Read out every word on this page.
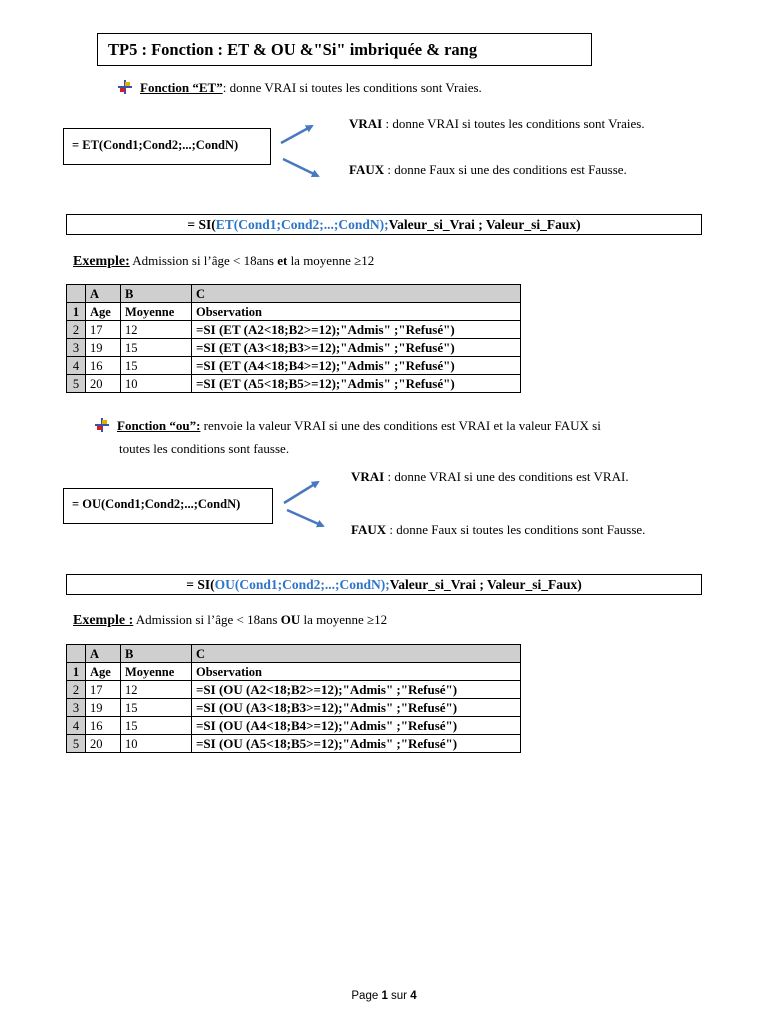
TP5 : Fonction : ET & OU &"Si" imbriquée & rang
Fonction “ET”: donne VRAI si toutes les conditions sont Vraies.
= ET(Cond1;Cond2;...;CondN)
VRAI : donne VRAI si toutes les conditions sont Vraies.
FAUX : donne Faux si une des conditions est Fausse.
= SI(ET(Cond1;Cond2;...;CondN);Valeur_si_Vrai ; Valeur_si_Faux)
Exemple: Admission si l’âge < 18ans et la moyenne ≥12
	A	B	C
1	Age	Moyenne	Observation
2	17	12	=SI (ET (A2<18;B2>=12);"Admis" ;"Refusé")
3	19	15	=SI (ET (A3<18;B3>=12);"Admis" ;"Refusé")
4	16	15	=SI (ET (A4<18;B4>=12);"Admis" ;"Refusé")
5	20	10	=SI (ET (A5<18;B5>=12);"Admis" ;"Refusé")
Fonction “ou”: renvoie la valeur VRAI si une des conditions est VRAI et la valeur FAUX si
toutes les conditions sont fausse.
= OU(Cond1;Cond2;...;CondN)
VRAI : donne VRAI si une des conditions est VRAI.
FAUX : donne Faux si toutes les conditions sont Fausse.
= SI(OU(Cond1;Cond2;...;CondN);Valeur_si_Vrai ; Valeur_si_Faux)
Exemple : Admission si l’âge < 18ans OU la moyenne ≥12
	A	B	C
1	Age	Moyenne	Observation
2	17	12	=SI (OU (A2<18;B2>=12);"Admis" ;"Refusé")
3	19	15	=SI (OU (A3<18;B3>=12);"Admis" ;"Refusé")
4	16	15	=SI (OU (A4<18;B4>=12);"Admis" ;"Refusé")
5	20	10	=SI (OU (A5<18;B5>=12);"Admis" ;"Refusé")
Page 1 sur 4
